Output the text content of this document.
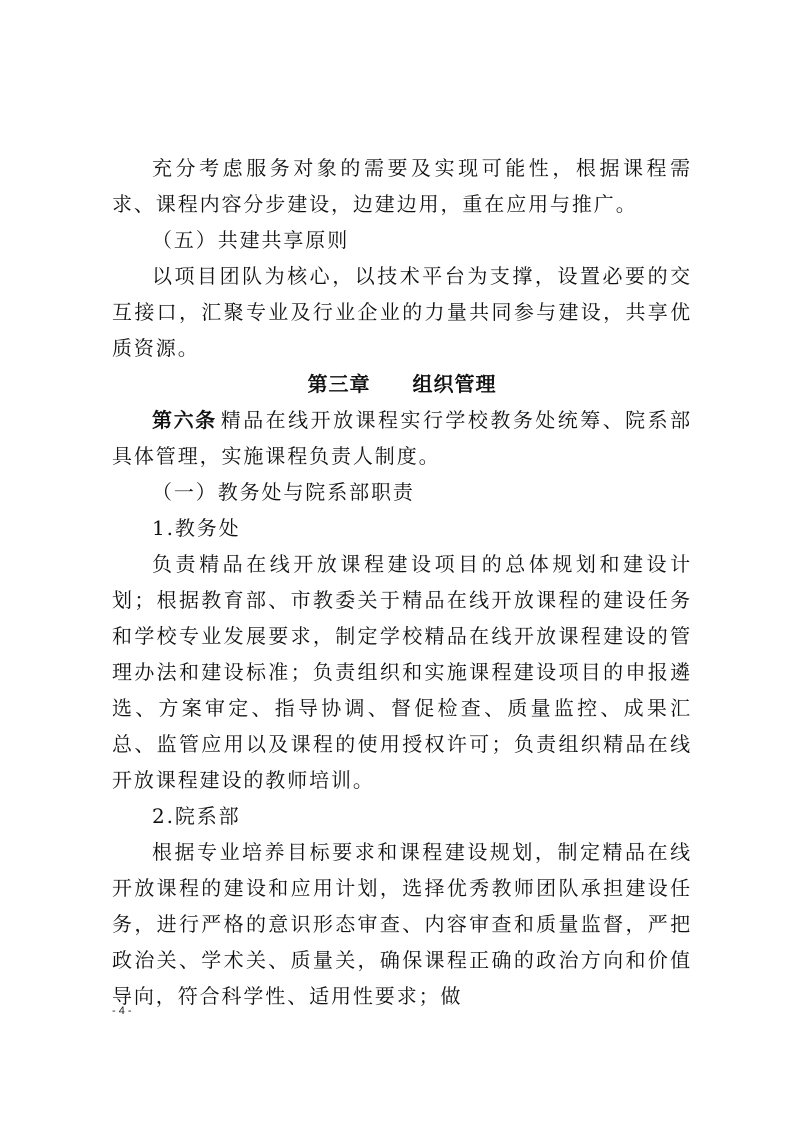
充分考虑服务对象的需要及实现可能性，根据课程需求、课程内容分步建设，边建边用，重在应用与推广。

（五）共建共享原则

以项目团队为核心，以技术平台为支撑，设置必要的交互接口，汇聚专业及行业企业的力量共同参与建设，共享优质资源。

第三章　　组织管理

第六条 精品在线开放课程实行学校教务处统筹、院系部具体管理，实施课程负责人制度。

（一）教务处与院系部职责

1.教务处

负责精品在线开放课程建设项目的总体规划和建设计划；根据教育部、市教委关于精品在线开放课程的建设任务和学校专业发展要求，制定学校精品在线开放课程建设的管理办法和建设标准；负责组织和实施课程建设项目的申报遴选、方案审定、指导协调、督促检查、质量监控、成果汇总、监管应用以及课程的使用授权许可；负责组织精品在线开放课程建设的教师培训。

2.院系部

根据专业培养目标要求和课程建设规划，制定精品在线开放课程的建设和应用计划，选择优秀教师团队承担建设任务，进行严格的意识形态审查、内容审查和质量监督，严把政治关、学术关、质量关，确保课程正确的政治方向和价值导向，符合科学性、适用性要求；做

- 4 -
